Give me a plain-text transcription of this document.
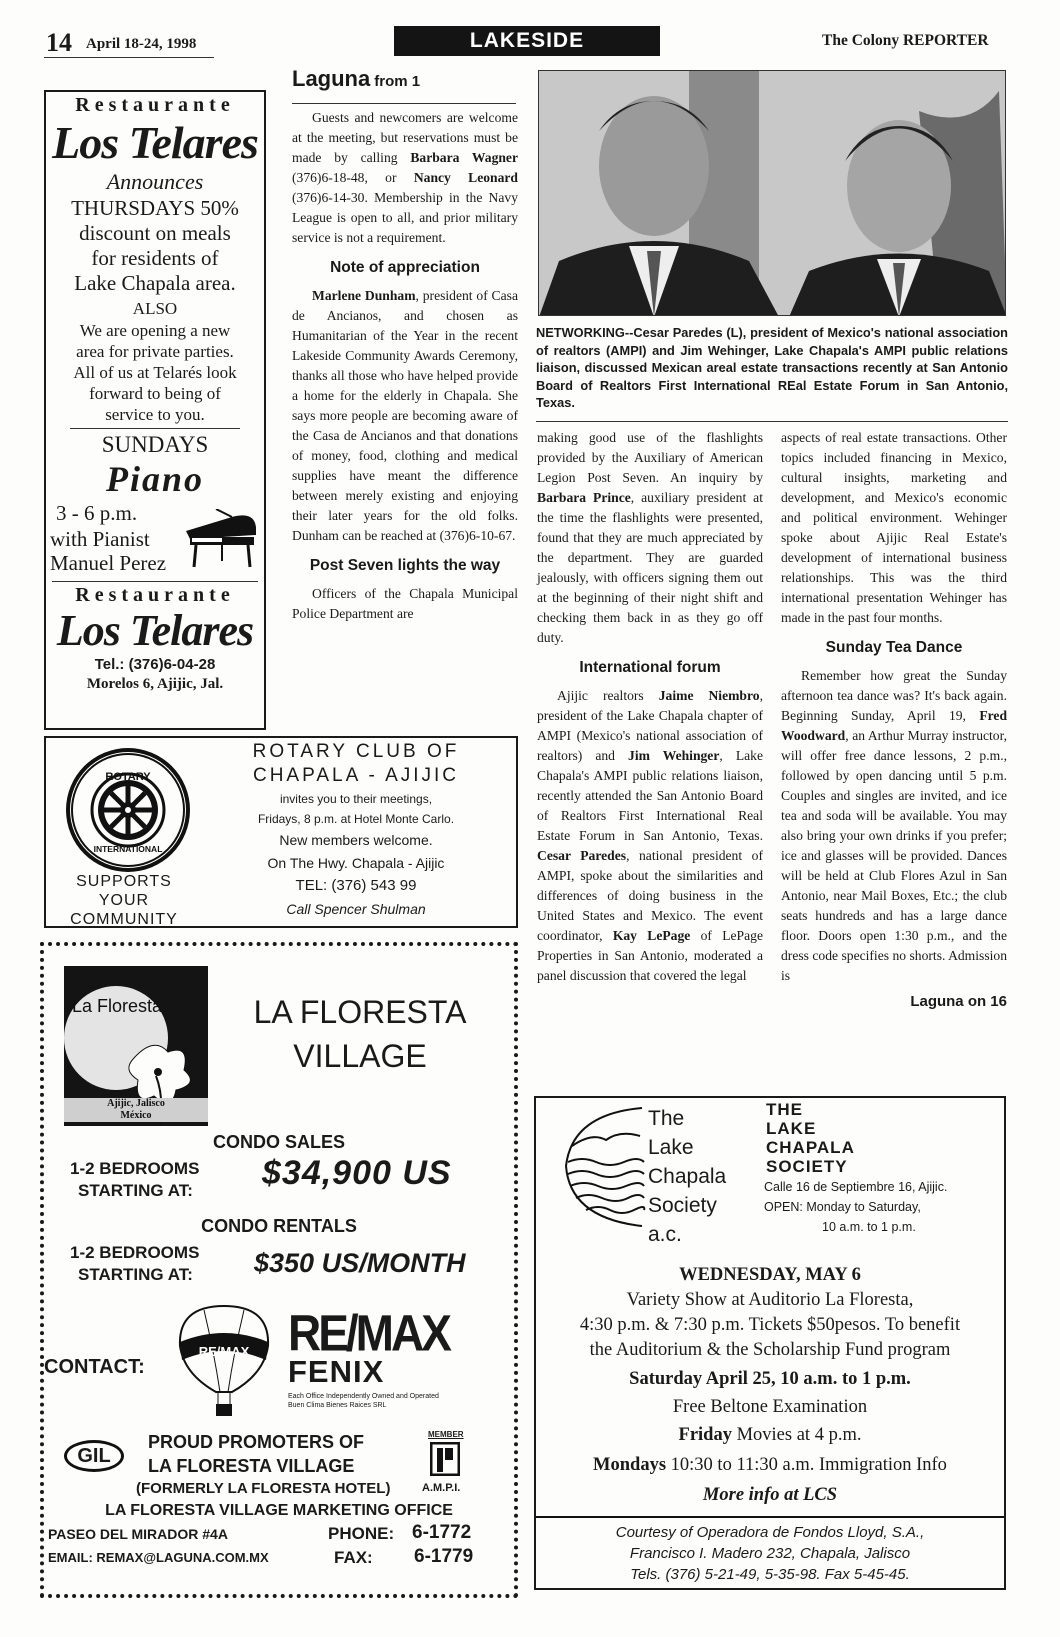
14 April 18-24, 1998	LAKESIDE	The Colony REPORTER
Restaurante
Los Telares
Announces
THURSDAYS 50%
discount on meals
for residents of
Lake Chapala area.
ALSO
We are opening a new
area for private parties.
All of us at Telarés look
forward to being of
service to you.
SUNDAYS
Piano
3 - 6 p.m.
with Pianist
Manuel Perez
Restaurante
Los Telares
Tel.: (376)6-04-28
Morelos 6, Ajijic, Jal.
Laguna from 1

Guests and newcomers are welcome at the meeting, but reservations must be made by calling Barbara Wagner (376)6-18-48, or Nancy Leonard (376)6-14-30. Membership in the Navy League is open to all, and prior military service is not a requirement.

Note of appreciation

Marlene Dunham, president of Casa de Ancianos, and chosen as Humanitarian of the Year in the recent Lakeside Community Awards Ceremony, thanks all those who have helped provide a home for the elderly in Chapala. She says more people are becoming aware of the Casa de Ancianos and that donations of money, food, clothing and medical supplies have meant the difference between merely existing and enjoying their later years for the old folks. Dunham can be reached at (376)6-10-67.

Post Seven lights the way

Officers of the Chapala Municipal Police Department are

NETWORKING--Cesar Paredes (L), president of Mexico's national association of realtors (AMPI) and Jim Wehinger, Lake Chapala's AMPI public relations liaison, discussed Mexican areal estate transactions recently at San Antonio Board of Realtors First International REal Estate Forum in San Antonio, Texas.

making good use of the flashlights provided by the Auxiliary of American Legion Post Seven. An inquiry by Barbara Prince, auxiliary president at the time the flashlights were presented, found that they are much appreciated by the department. They are guarded jealously, with officers signing them out at the beginning of their night shift and checking them back in as they go off duty.

International forum

Ajijic realtors Jaime Niembro, president of the Lake Chapala chapter of AMPI (Mexico's national association of realtors) and Jim Wehinger, Lake Chapala's AMPI public relations liaison, recently attended the San Antonio Board of Realtors First International Real Estate Forum in San Antonio, Texas. Cesar Paredes, national president of AMPI, spoke about the similarities and differences of doing business in the United States and Mexico. The event coordinator, Kay LePage of LePage Properties in San Antonio, moderated a panel discussion that covered the legal

aspects of real estate transactions. Other topics included financing in Mexico, cultural insights, marketing and development, and Mexico's economic and political environment. Wehinger spoke about Ajijic Real Estate's development of international business relationships. This was the third international presentation Wehinger has made in the past four months.

Sunday Tea Dance

Remember how great the Sunday afternoon tea dance was? It's back again. Beginning Sunday, April 19, Fred Woodward, an Arthur Murray instructor, will offer free dance lessons, 2 p.m., followed by open dancing until 5 p.m. Couples and singles are invited, and ice tea and soda will be available. You may also bring your own drinks if you prefer; ice and glasses will be provided. Dances will be held at Club Flores Azul in San Antonio, near Mail Boxes, Etc.; the club seats hundreds and has a large dance floor. Doors open 1:30 p.m., and the dress code specifies no shorts. Admission is

Laguna on 16
ROTARY
INTERNATIONAL
SUPPORTS
YOUR
COMMUNITY
ROTARY CLUB OF
CHAPALA - AJIJIC
invites you to their meetings,
Fridays, 8 p.m. at Hotel Monte Carlo.
New members welcome.
On The Hwy. Chapala - Ajijic
TEL: (376) 543 99
Call Spencer Shulman
La Floresta
Ajijic, Jalisco
México
LA FLORESTA
VILLAGE
CONDO SALES
1-2 BEDROOMS
STARTING AT: $34,900 US
CONDO RENTALS
1-2 BEDROOMS
STARTING AT: $350 US/MONTH
CONTACT:
RE/MAX RE/MAX
FENIX
Each Office Independently Owned and Operated
Buen Clima Bienes Raices SRL
GIL
PROUD PROMOTERS OF
LA FLORESTA VILLAGE
MEMBER
(FORMERLY LA FLORESTA HOTEL)	A.M.P.I.
LA FLORESTA VILLAGE MARKETING OFFICE
PASEO DEL MIRADOR #4A	PHONE: 6-1772
EMAIL: REMAX@LAGUNA.COM.MX	FAX: 6-1779
The
Lake
Chapala
Society
a.c.
THE
LAKE
CHAPALA
SOCIETY
Calle 16 de Septiembre 16, Ajijic.
OPEN: Monday to Saturday,
10 a.m. to 1 p.m.
WEDNESDAY, MAY 6
Variety Show at Auditorio La Floresta,
4:30 p.m. & 7:30 p.m. Tickets $50pesos. To benefit
the Auditorium & the Scholarship Fund program
Saturday April 25, 10 a.m. to 1 p.m.
Free Beltone Examination
Friday Movies at 4 p.m.
Mondays 10:30 to 11:30 a.m. Immigration Info
More info at LCS
Courtesy of Operadora de Fondos Lloyd, S.A.,
Francisco I. Madero 232, Chapala, Jalisco
Tels. (376) 5-21-49, 5-35-98. Fax 5-45-45.
